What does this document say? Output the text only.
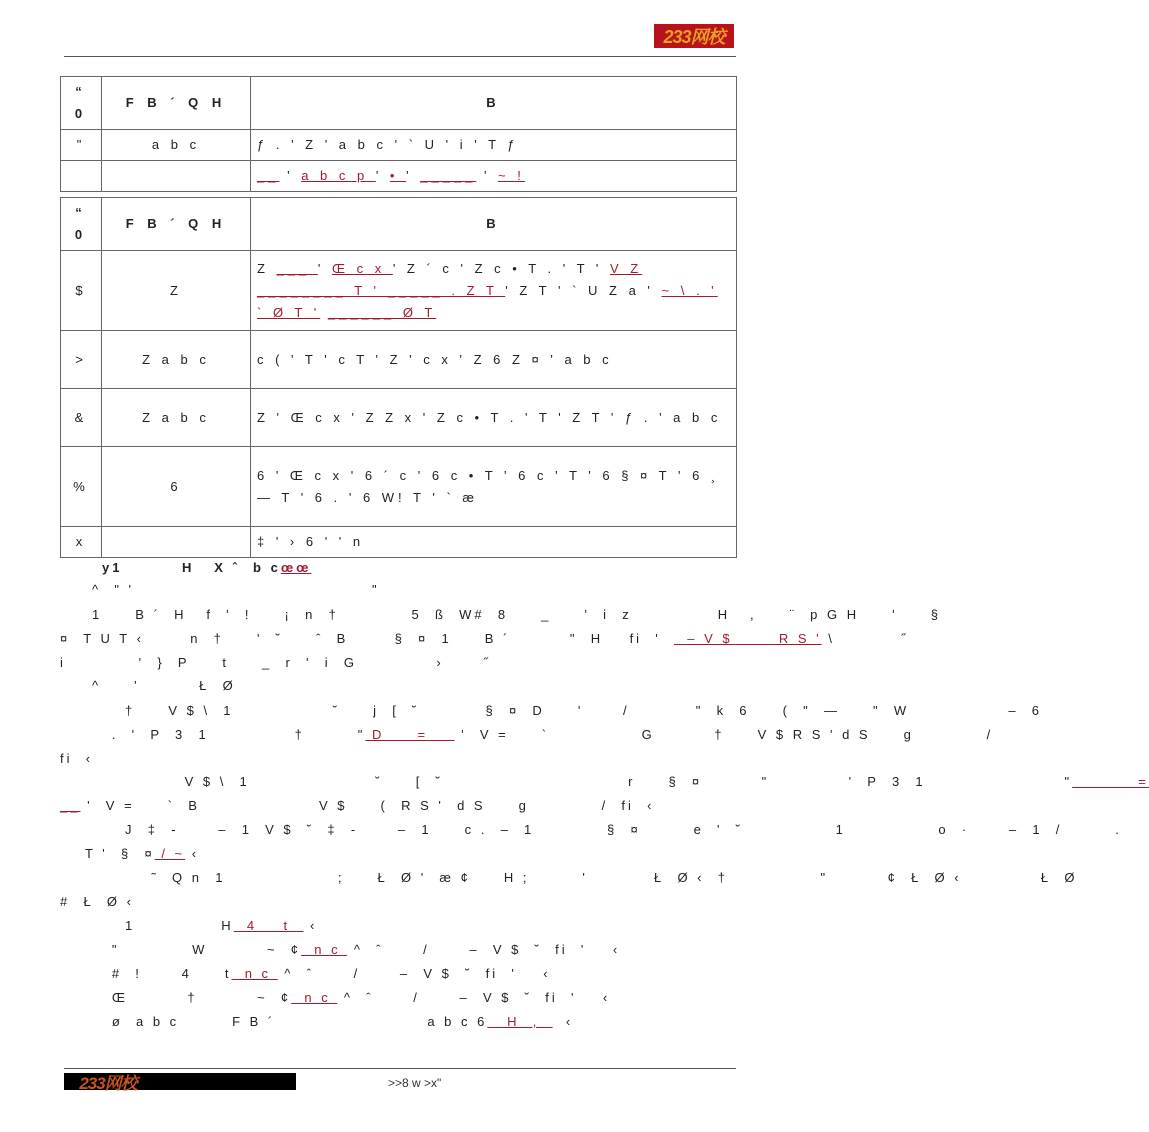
233网校
“ 0	F B ´ Q H	B
"	a b c	ƒ . ' Z ' a b c ' ` U ' i ' T ƒ
		__ ' a b c p ' • ' _____ ' ~ !
“ 0	F B ´ Q H	B
$	Z	Z ___ ' Œ c x ' Z ´ c ' Z c • T . ' T ' V Z ________ T ' _____ . Z T ' Z T ' ` U Z a ' ~ \ . ' ` Ø T ' ______ Ø T
>	Z a b c	c ( ' T ' c T ' Z ' c x ' Z 6 Z ¤ ' a b c
&	Z a b c	Z ' Œ c x ' Z Z x ' Z c • T . ' T ' Z T ' ƒ . ' a b c
%	6	6 ' Œ c x ' 6 ´ c ' 6 c • T ' 6 c ' T ' 6 § ¤ T ' 6 ¸ — T ' 6 . ' 6 W! T ' ` æ
x		‡ ' › 6 ' ' n
y1         H   X ˆ  b cœœ
^  " '                                    "
1     B ´  H   f  '  !     ¡  n  †           5  ß  W#  8     _     '  i  z             H   ,     ¨  p G H     '     §
¤  T U T ‹       n  †     '  ˘     ˆ  B       §  ¤  1     B ´         "  H    fi  '    – V $       R S ' \          ˝
i           '  }  P     t     _  r  '  i  G            ›      ˝
^     '         Ł  Ø
†     V $ \  1               ˘     j  [  ˘          §  ¤  D     '      /          "  k  6     (  "  —     "  W               –  6
.  '  P  3  1             †        " D     =     '  V =     `              G         †     V $ R S ' d S     g           /
fi  ‹
V $ \  1                   ˘     [  ˘                            r     §  ¤         "            '  P  3  1                     "          =
__ '  V =     `  B                  V $     (  R S '  d S     g           /  fi  ‹
J  ‡  -      –  1  V $  ˘  ‡  -      –  1     c .  –  1           §  ¤        e  '  ˘              1              o  ·      –  1  /        .
T '  §  ¤ / ~ ‹
˜  Q n  1                 ;     Ł  Ø '  æ ¢     H ;        '          Ł  Ø ‹  †              "         ¢  Ł  Ø ‹            Ł  Ø
#  Ł  Ø ‹
1             H  4    t   ‹
"           W         ~  ¢  n c  ^  ˆ      /      –  V $  ˘  fi  '    ‹
#  !      4     t  n c  ^  ˆ      /      –  V $  ˘  fi  '    ‹
Œ         †         ~  ¢  n c  ^  ˆ      /      –  V $  ˘  fi  '    ‹
ø  a b c        F B ´                       a b c 6   H  ,    ‹
233网校	>>8 w >x"
